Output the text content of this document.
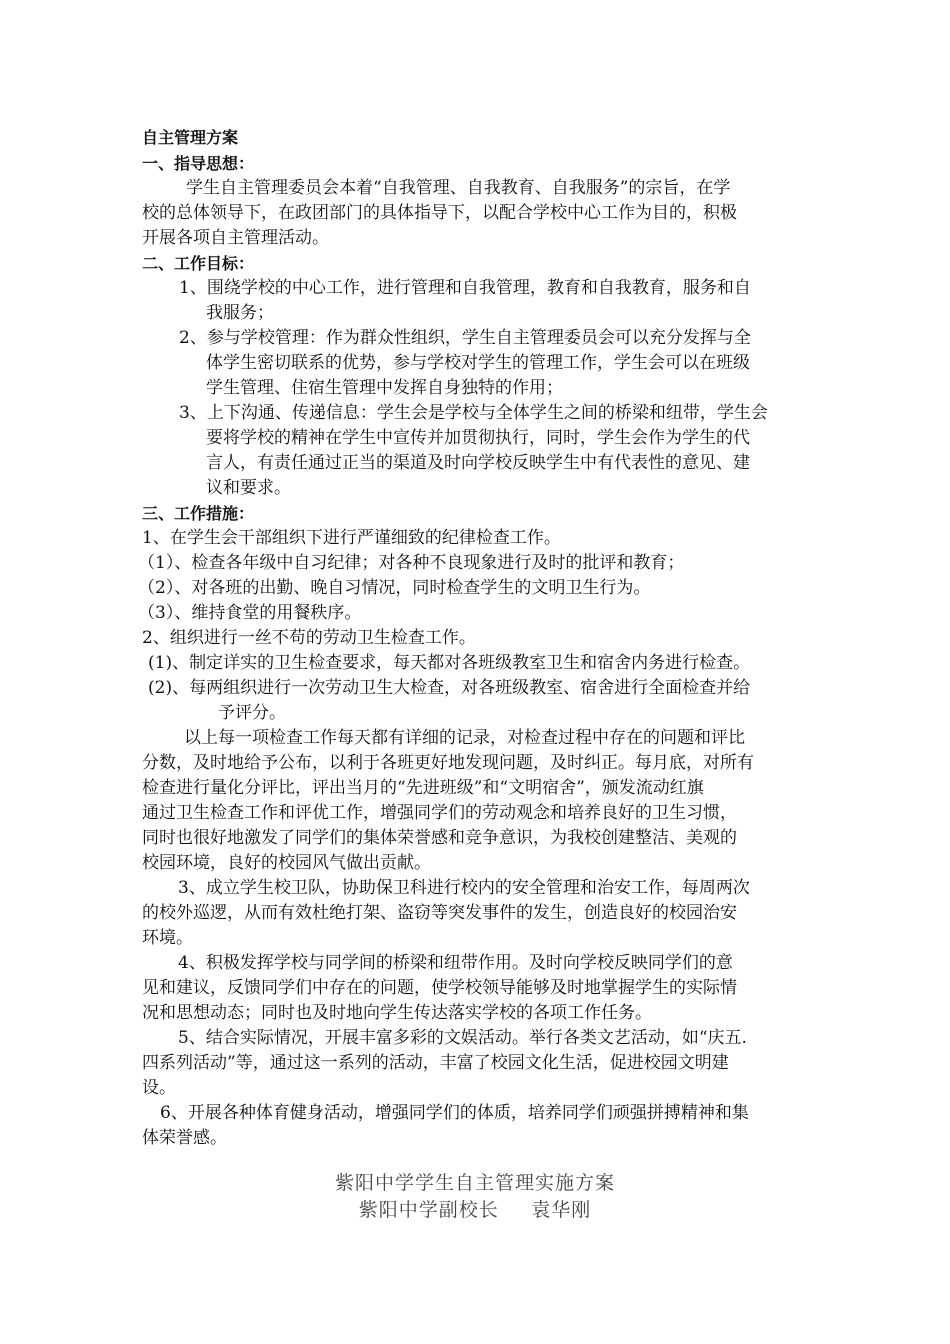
自主管理方案
一、指导思想：
学生自主管理委员会本着“自我管理、自我教育、自我服务”的宗旨，在学
校的总体领导下，在政团部门的具体指导下，以配合学校中心工作为目的，积极
开展各项自主管理活动。
二、工作目标：
1、围绕学校的中心工作，进行管理和自我管理，教育和自我教育，服务和自
我服务；
2、参与学校管理：作为群众性组织，学生自主管理委员会可以充分发挥与全
体学生密切联系的优势，参与学校对学生的管理工作，学生会可以在班级
学生管理、住宿生管理中发挥自身独特的作用；
3、上下沟通、传递信息：学生会是学校与全体学生之间的桥梁和纽带，学生会
要将学校的精神在学生中宣传并加贯彻执行，同时，学生会作为学生的代
言人，有责任通过正当的渠道及时向学校反映学生中有代表性的意见、建
议和要求。
三、工作措施：
1、在学生会干部组织下进行严谨细致的纪律检查工作。
（1）、检查各年级中自习纪律；对各种不良现象进行及时的批评和教育；
（2）、对各班的出勤、晚自习情况，同时检查学生的文明卫生行为。
（3）、维持食堂的用餐秩序。
2、组织进行一丝不苟的劳动卫生检查工作。
(1)、制定详实的卫生检查要求，每天都对各班级教室卫生和宿舍内务进行检查。
(2)、每两组织进行一次劳动卫生大检查，对各班级教室、宿舍进行全面检查并给
予评分。
以上每一项检查工作每天都有详细的记录，对检查过程中存在的问题和评比
分数，及时地给予公布，以利于各班更好地发现问题，及时纠正。每月底，对所有
检查进行量化分评比，评出当月的“先进班级”和“文明宿舍”，颁发流动红旗
通过卫生检查工作和评优工作，增强同学们的劳动观念和培养良好的卫生习惯，
同时也很好地激发了同学们的集体荣誉感和竞争意识，为我校创建整洁、美观的
校园环境，良好的校园风气做出贡献。
3、成立学生校卫队，协助保卫科进行校内的安全管理和治安工作，每周两次
的校外巡逻，从而有效杜绝打架、盗窃等突发事件的发生，创造良好的校园治安
环境。
4、积极发挥学校与同学间的桥梁和纽带作用。及时向学校反映同学们的意
见和建议，反馈同学们中存在的问题，使学校领导能够及时地掌握学生的实际情
况和思想动态；同时也及时地向学生传达落实学校的各项工作任务。
5、结合实际情况，开展丰富多彩的文娱活动。举行各类文艺活动，如“庆五.
四系列活动”等，通过这一系列的活动，丰富了校园文化生活，促进校园文明建
设。
6、开展各种体育健身活动，增强同学们的体质，培养同学们顽强拼搏精神和集
体荣誉感。
紫阳中学学生自主管理实施方案
紫阳中学副校长　 袁华刚
